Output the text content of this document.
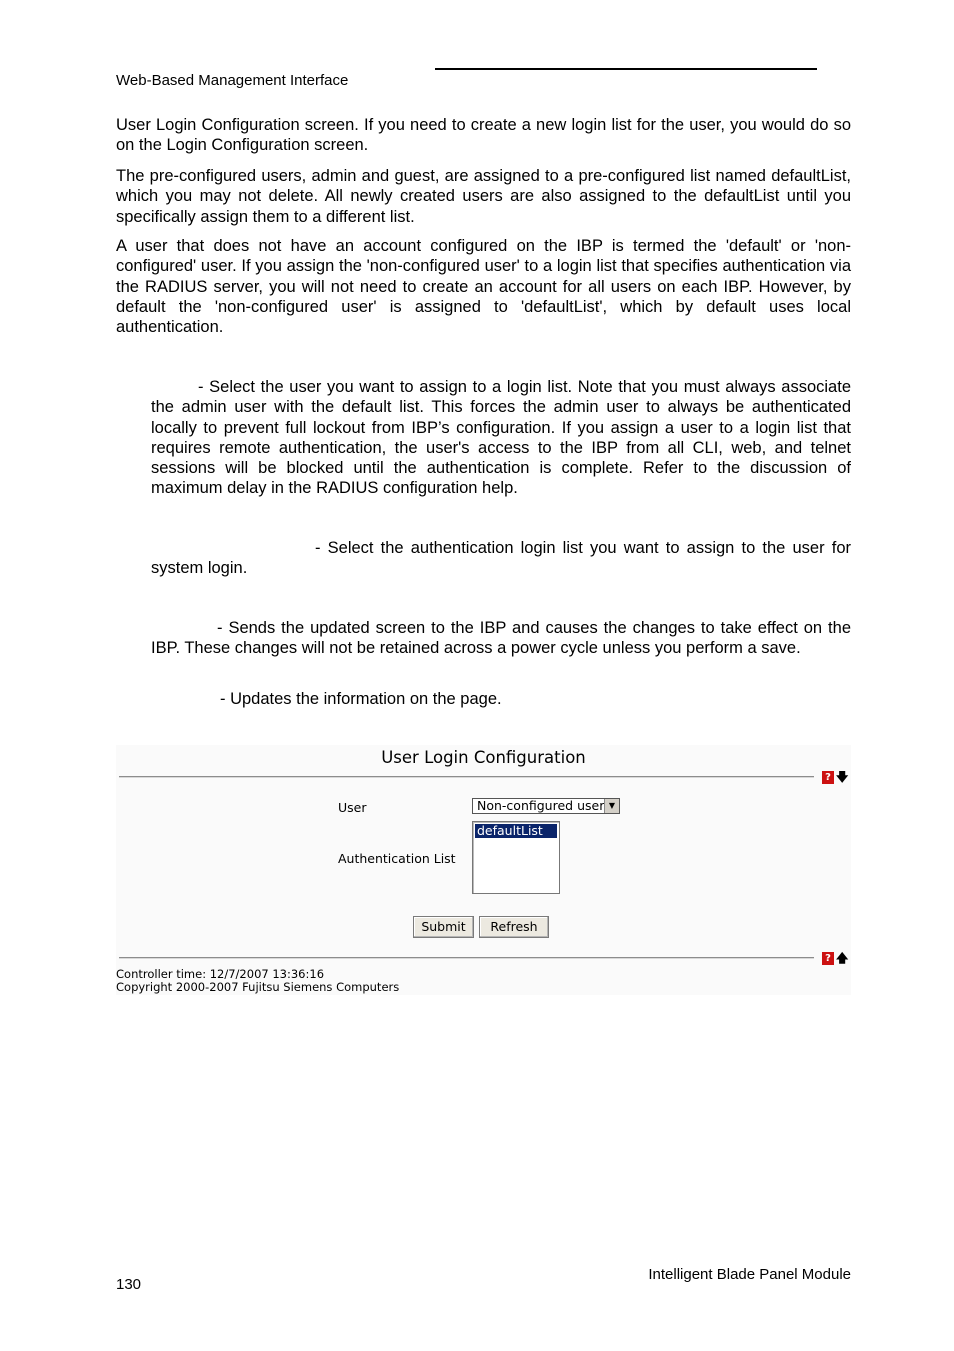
Web-Based Management Interface
User Login Configuration screen. If you need to create a new login list for the user, you would do so on the Login Configuration screen.
The pre-configured users, admin and guest, are assigned to a pre-configured list named defaultList, which you may not delete. All newly created users are also assigned to the defaultList until you specifically assign them to a different list.
A user that does not have an account configured on the IBP is termed the 'default' or 'non-configured' user. If you assign the 'non-configured user' to a login list that specifies authentication via the RADIUS server, you will not need to create an account for all users on each IBP. However, by default the 'non-configured user' is assigned to 'defaultList', which by default uses local authentication.
- Select the user you want to assign to a login list. Note that you must always associate the admin user with the default list. This forces the admin user to always be authenticated locally to prevent full lockout from IBP’s configuration. If you assign a user to a login list that requires remote authentication, the user's access to the IBP from all CLI, web, and telnet sessions will be blocked until the authentication is complete. Refer to the discussion of maximum delay in the RADIUS configuration help.
- Select the authentication login list you want to assign to the user for system login.
- Sends the updated screen to the IBP and causes the changes to take effect on the IBP. These changes will not be retained across a power cycle unless you perform a save.
- Updates the information on the page.
User Login Configuration
? 🡇
User	Non-configured user ▼
Authentication List
defaultList
Submit	Refresh
? 🡅
Controller time: 12/7/2007 13:36:16
Copyright 2000-2007 Fujitsu Siemens Computers
130
Intelligent Blade Panel Module
